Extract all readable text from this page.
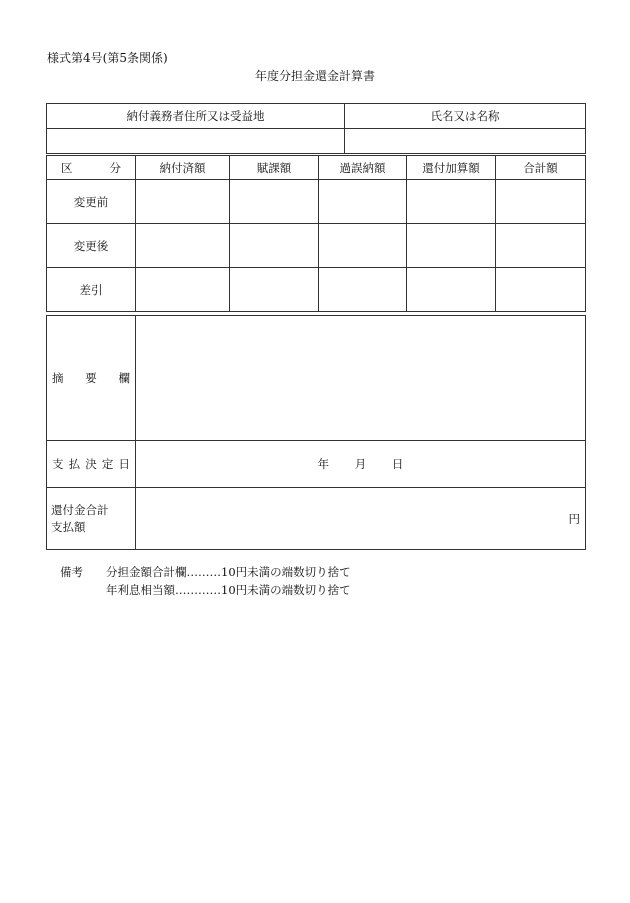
様式第4号(第5条関係)
年度分担金還金計算書
納付義務者住所又は受益地	氏名又は名称

区 分	納付済額	賦課額	過誤納額	還付加算額	合計額
変更前					
変更後					
差引					
摘 要 欄	

支 払 決 定 日	年 月 日

還付金合計
支払額	円
備考 分担金額合計欄………10円未満の端数切り捨て
年利息相当額…………10円未満の端数切り捨て
